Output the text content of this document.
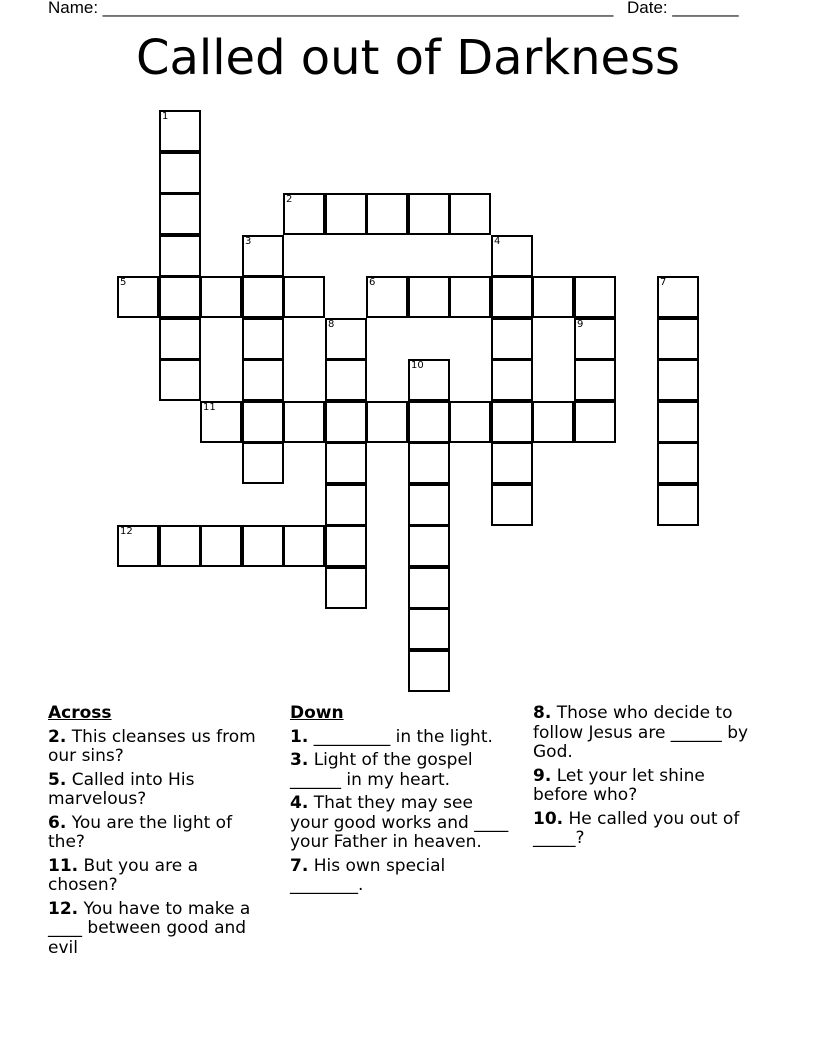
Name: ______________________________________________________ Date: _______
Called out of Darkness
1
2
3	4
5	6	7
8	9
10
11
12
Across
2. This cleanses us from our sins?
5. Called into His marvelous?
6. You are the light of the?
11. But you are a chosen?
12. You have to make a ____ between good and evil
Down
1. _________ in the light.
3. Light of the gospel ______ in my heart.
4. That they may see your good works and ____ your Father in heaven.
7. His own special ________.
8. Those who decide to follow Jesus are ______ by God.
9. Let your let shine before who?
10. He called you out of _____?
